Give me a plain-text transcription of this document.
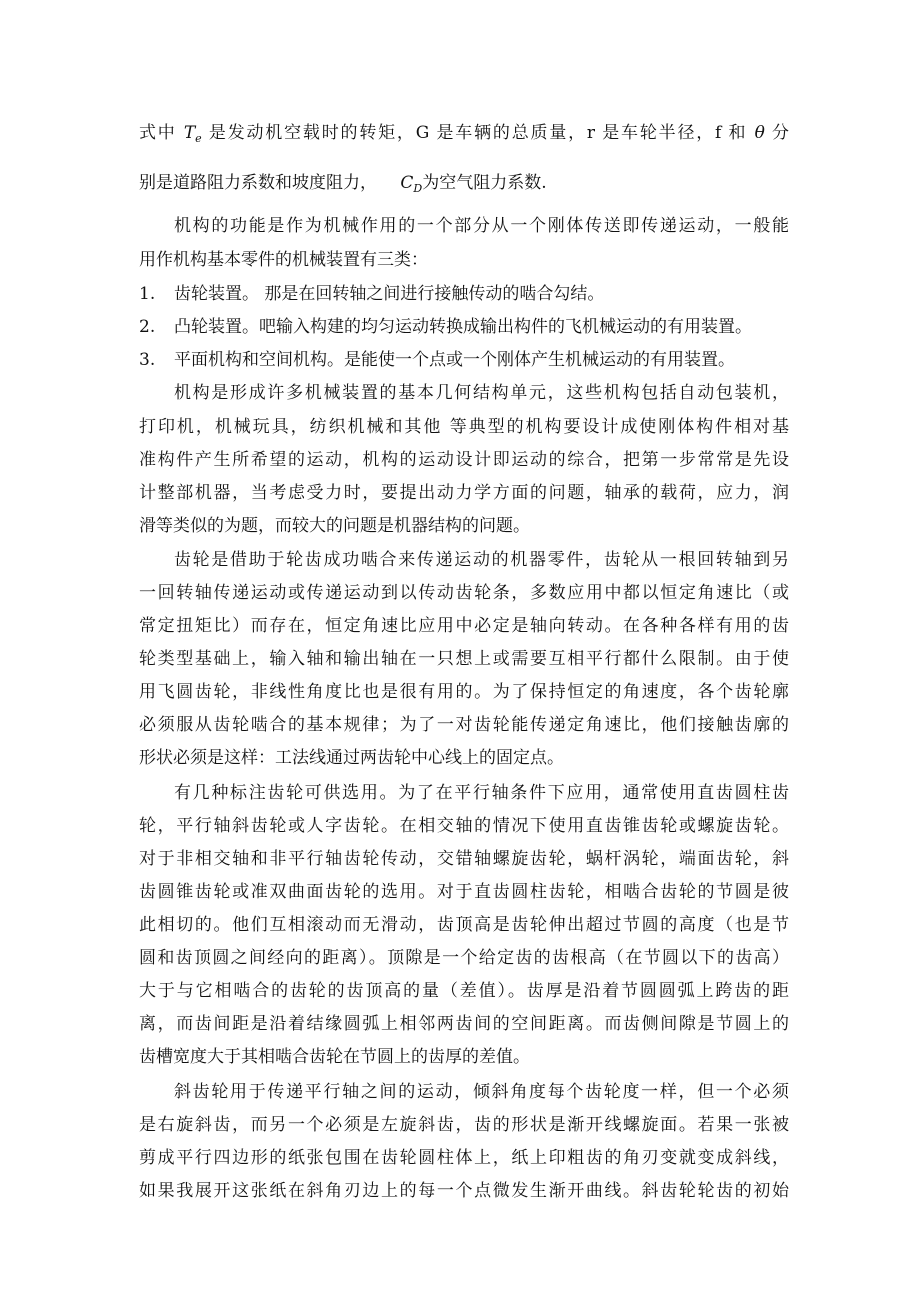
式中 $T_e$ 是发动机空载时的转矩，G 是车辆的总质量，r 是车轮半径，f 和 θ 分
别是道路阻力系数和坡度阻力， $C_D$为空气阻力系数.
机构的功能是作为机械作用的一个部分从一个刚体传送即传递运动，一般能
用作机构基本零件的机械装置有三类：
1.	齿轮装置。 那是在回转轴之间进行接触传动的啮合勾结。
2.	凸轮装置。吧输入构建的均匀运动转换成输出构件的飞机械运动的有用装置。
3.	平面机构和空间机构。是能使一个点或一个刚体产生机械运动的有用装置。
机构是形成许多机械装置的基本几何结构单元，这些机构包括自动包装机，
打印机，机械玩具，纺织机械和其他 等典型的机构要设计成使刚体构件相对基
准构件产生所希望的运动，机构的运动设计即运动的综合，把第一步常常是先设
计整部机器，当考虑受力时，要提出动力学方面的问题，轴承的载荷，应力，润
滑等类似的为题，而较大的问题是机器结构的问题。
齿轮是借助于轮齿成功啮合来传递运动的机器零件，齿轮从一根回转轴到另
一回转轴传递运动或传递运动到以传动齿轮条，多数应用中都以恒定角速比（或
常定扭矩比）而存在，恒定角速比应用中必定是轴向转动。在各种各样有用的齿
轮类型基础上，输入轴和输出轴在一只想上或需要互相平行都什么限制。由于使
用飞圆齿轮，非线性角度比也是很有用的。为了保持恒定的角速度，各个齿轮廓
必须服从齿轮啮合的基本规律；为了一对齿轮能传递定角速比，他们接触齿廓的
形状必须是这样：工法线通过两齿轮中心线上的固定点。
有几种标注齿轮可供选用。为了在平行轴条件下应用，通常使用直齿圆柱齿
轮，平行轴斜齿轮或人字齿轮。在相交轴的情况下使用直齿锥齿轮或螺旋齿轮。
对于非相交轴和非平行轴齿轮传动，交错轴螺旋齿轮，蜗杆涡轮，端面齿轮，斜
齿圆锥齿轮或准双曲面齿轮的选用。对于直齿圆柱齿轮，相啮合齿轮的节圆是彼
此相切的。他们互相滚动而无滑动，齿顶高是齿轮伸出超过节圆的高度（也是节
圆和齿顶圆之间经向的距离）。顶隙是一个给定齿的齿根高（在节圆以下的齿高）
大于与它相啮合的齿轮的齿顶高的量（差值）。齿厚是沿着节圆圆弧上跨齿的距
离，而齿间距是沿着结缘圆弧上相邻两齿间的空间距离。而齿侧间隙是节圆上的
齿槽宽度大于其相啮合齿轮在节圆上的齿厚的差值。
斜齿轮用于传递平行轴之间的运动，倾斜角度每个齿轮度一样，但一个必须
是右旋斜齿，而另一个必须是左旋斜齿，齿的形状是渐开线螺旋面。若果一张被
剪成平行四边形的纸张包围在齿轮圆柱体上，纸上印粗齿的角刃变就变成斜线，
如果我展开这张纸在斜角刃边上的每一个点微发生渐开曲线。斜齿轮轮齿的初始
